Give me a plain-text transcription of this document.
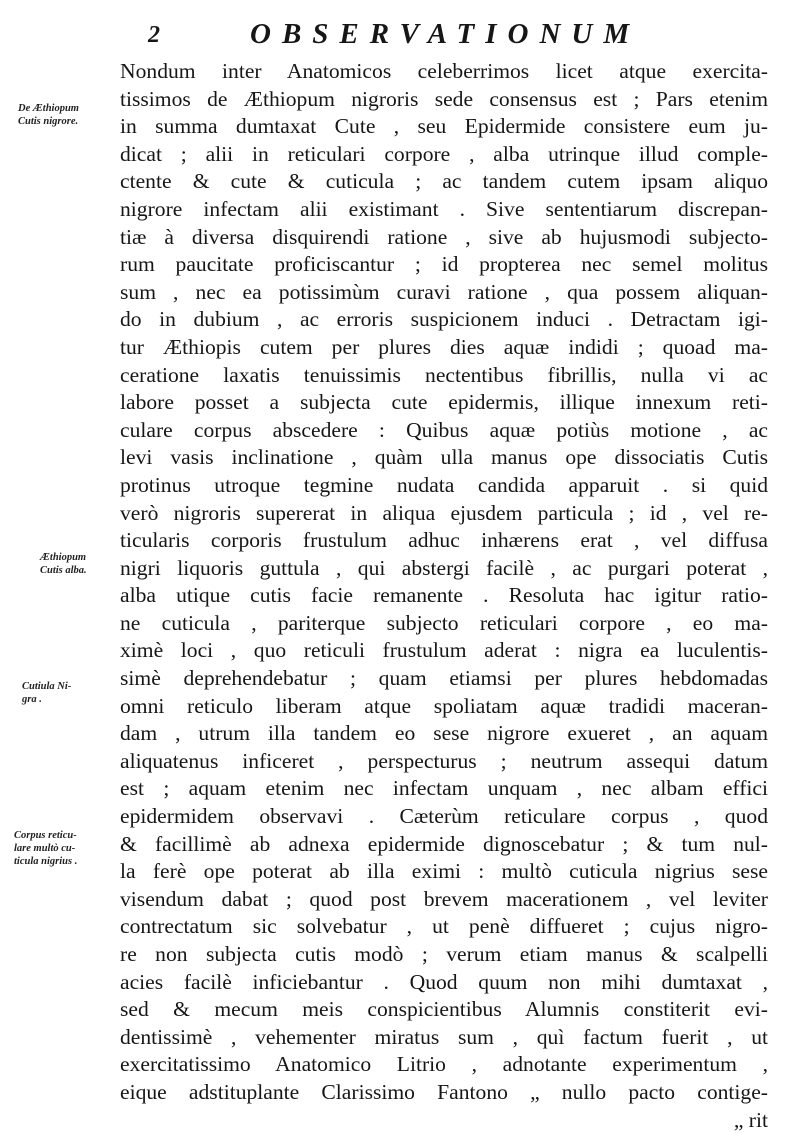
2	OBSERVATIONUM
De Æthiopum
Cutis nigrore.
Æthiopum
Cutis alba.
Cutiula Ni-
gra .
Corpus reticu-
lare multò cu-
ticula nigrius .
Nondum inter Anatomicos celeberrimos licet atque exercita-
tissimos de Æthiopum nigroris sede consensus est ; Pars etenim
in summa dumtaxat Cute , seu Epidermide consistere eum ju-
dicat ; alii in reticulari corpore , alba utrinque illud comple-
ctente & cute & cuticula ; ac tandem cutem ipsam aliquo
nigrore infectam alii existimant . Sive sententiarum discrepan-
tiæ à diversa disquirendi ratione , sive ab hujusmodi subjecto-
rum paucitate proficiscantur ; id propterea nec semel molitus
sum , nec ea potissimùm curavi ratione , qua possem aliquan-
do in dubium , ac erroris suspicionem induci . Detractam igi-
tur Æthiopis cutem per plures dies aquæ indidi ; quoad ma-
ceratione laxatis tenuissimis nectentibus fibrillis, nulla vi ac
labore posset a subjecta cute epidermis, illique innexum reti-
culare corpus abscedere : Quibus aquæ potiùs motione , ac
levi vasis inclinatione , quàm ulla manus ope dissociatis Cutis
protinus utroque tegmine nudata candida apparuit . si quid
verò nigroris supererat in aliqua ejusdem particula ; id , vel re-
ticularis corporis frustulum adhuc inhærens erat , vel diffusa
nigri liquoris guttula , qui abstergi facilè , ac purgari poterat ,
alba utique cutis facie remanente . Resoluta hac igitur ratio-
ne cuticula , pariterque subjecto reticulari corpore , eo ma-
ximè loci , quo reticuli frustulum aderat : nigra ea luculentis-
simè deprehendebatur ; quam etiamsi per plures hebdomadas
omni reticulo liberam atque spoliatam aquæ tradidi maceran-
dam , utrum illa tandem eo sese nigrore exueret , an aquam
aliquatenus inficeret , perspecturus ; neutrum assequi datum
est ; aquam etenim nec infectam unquam , nec albam effici
epidermidem observavi . Cæterùm reticulare corpus , quod
& facillimè ab adnexa epidermide dignoscebatur ; & tum nul-
la ferè ope poterat ab illa eximi : multò cuticula nigrius sese
visendum dabat ; quod post brevem macerationem , vel leviter
contrectatum sic solvebatur , ut penè diffueret ; cujus nigro-
re non subjecta cutis modò ; verum etiam manus & scalpelli
acies facilè inficiebantur . Quod quum non mihi dumtaxat ,
sed & mecum meis conspicientibus Alumnis constiterit evi-
dentissimè , vehementer miratus sum , quì factum fuerit , ut
exercitatissimo Anatomico Litrio , adnotante experimentum ,
eique adstituplante Clarissimo Fantono „ nullo pacto contige-
„ rit
